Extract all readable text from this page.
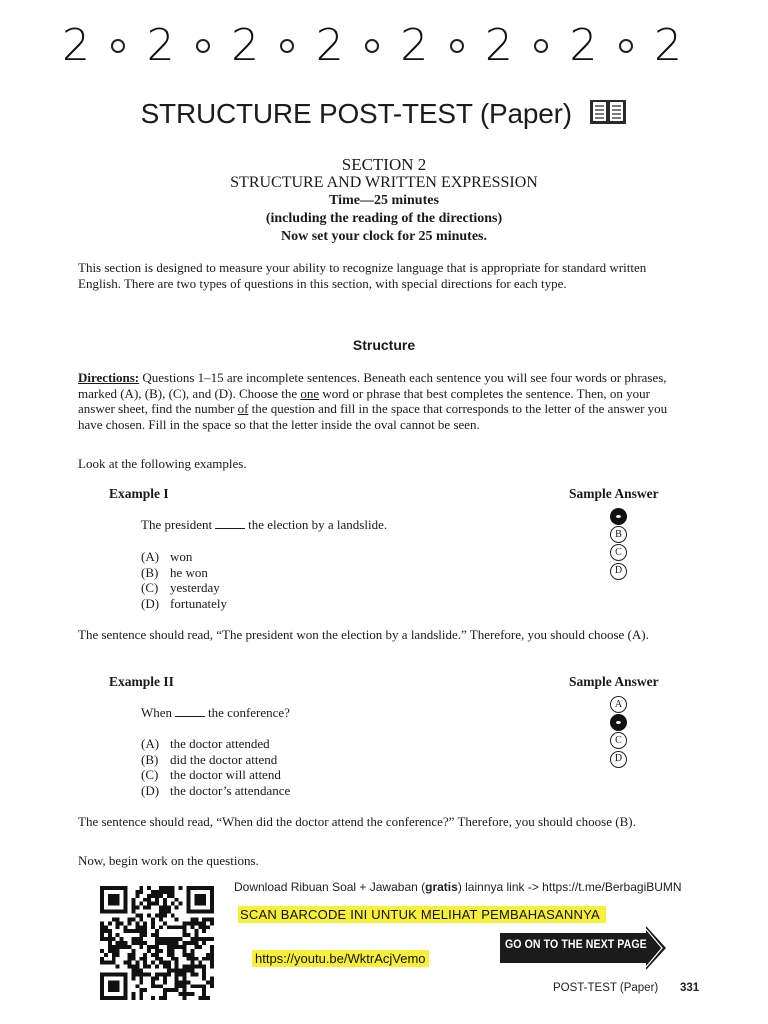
2 2 2 2 2 2 2 2
STRUCTURE POST-TEST (Paper)
SECTION 2
STRUCTURE AND WRITTEN EXPRESSION
Time—25 minutes
(including the reading of the directions)
Now set your clock for 25 minutes.
This section is designed to measure your ability to recognize language that is appropriate for standard written English. There are two types of questions in this section, with special directions for each type.
Structure
Directions: Questions 1–15 are incomplete sentences. Beneath each sentence you will see four words or phrases, marked (A), (B), (C), and (D). Choose the one word or phrase that best completes the sentence. Then, on your answer sheet, find the number of the question and fill in the space that corresponds to the letter of the answer you have chosen. Fill in the space so that the letter inside the oval cannot be seen.
Look at the following examples.
Example I	Sample Answer
The president	the election by a landslide.
(A) won
(B) he won
(C) yesterday
(D) fortunately
B
C
D
The sentence should read, “The president won the election by a landslide.” Therefore, you should choose (A).
Example II	Sample Answer
When	the conference?
(A) the doctor attended
(B) did the doctor attend
(C) the doctor will attend
(D) the doctor’s attendance
A
C
D
The sentence should read, “When did the doctor attend the conference?” Therefore, you should choose (B).
Now, begin work on the questions.
Download Ribuan Soal + Jawaban (gratis) lainnya link -> https://t.me/BerbagiBUMN
SCAN BARCODE INI UNTUK MELIHAT PEMBAHASANNYA
https://youtu.be/WktrAcjVemo
GO ON TO THE NEXT PAGE
POST-TEST (Paper) 331
